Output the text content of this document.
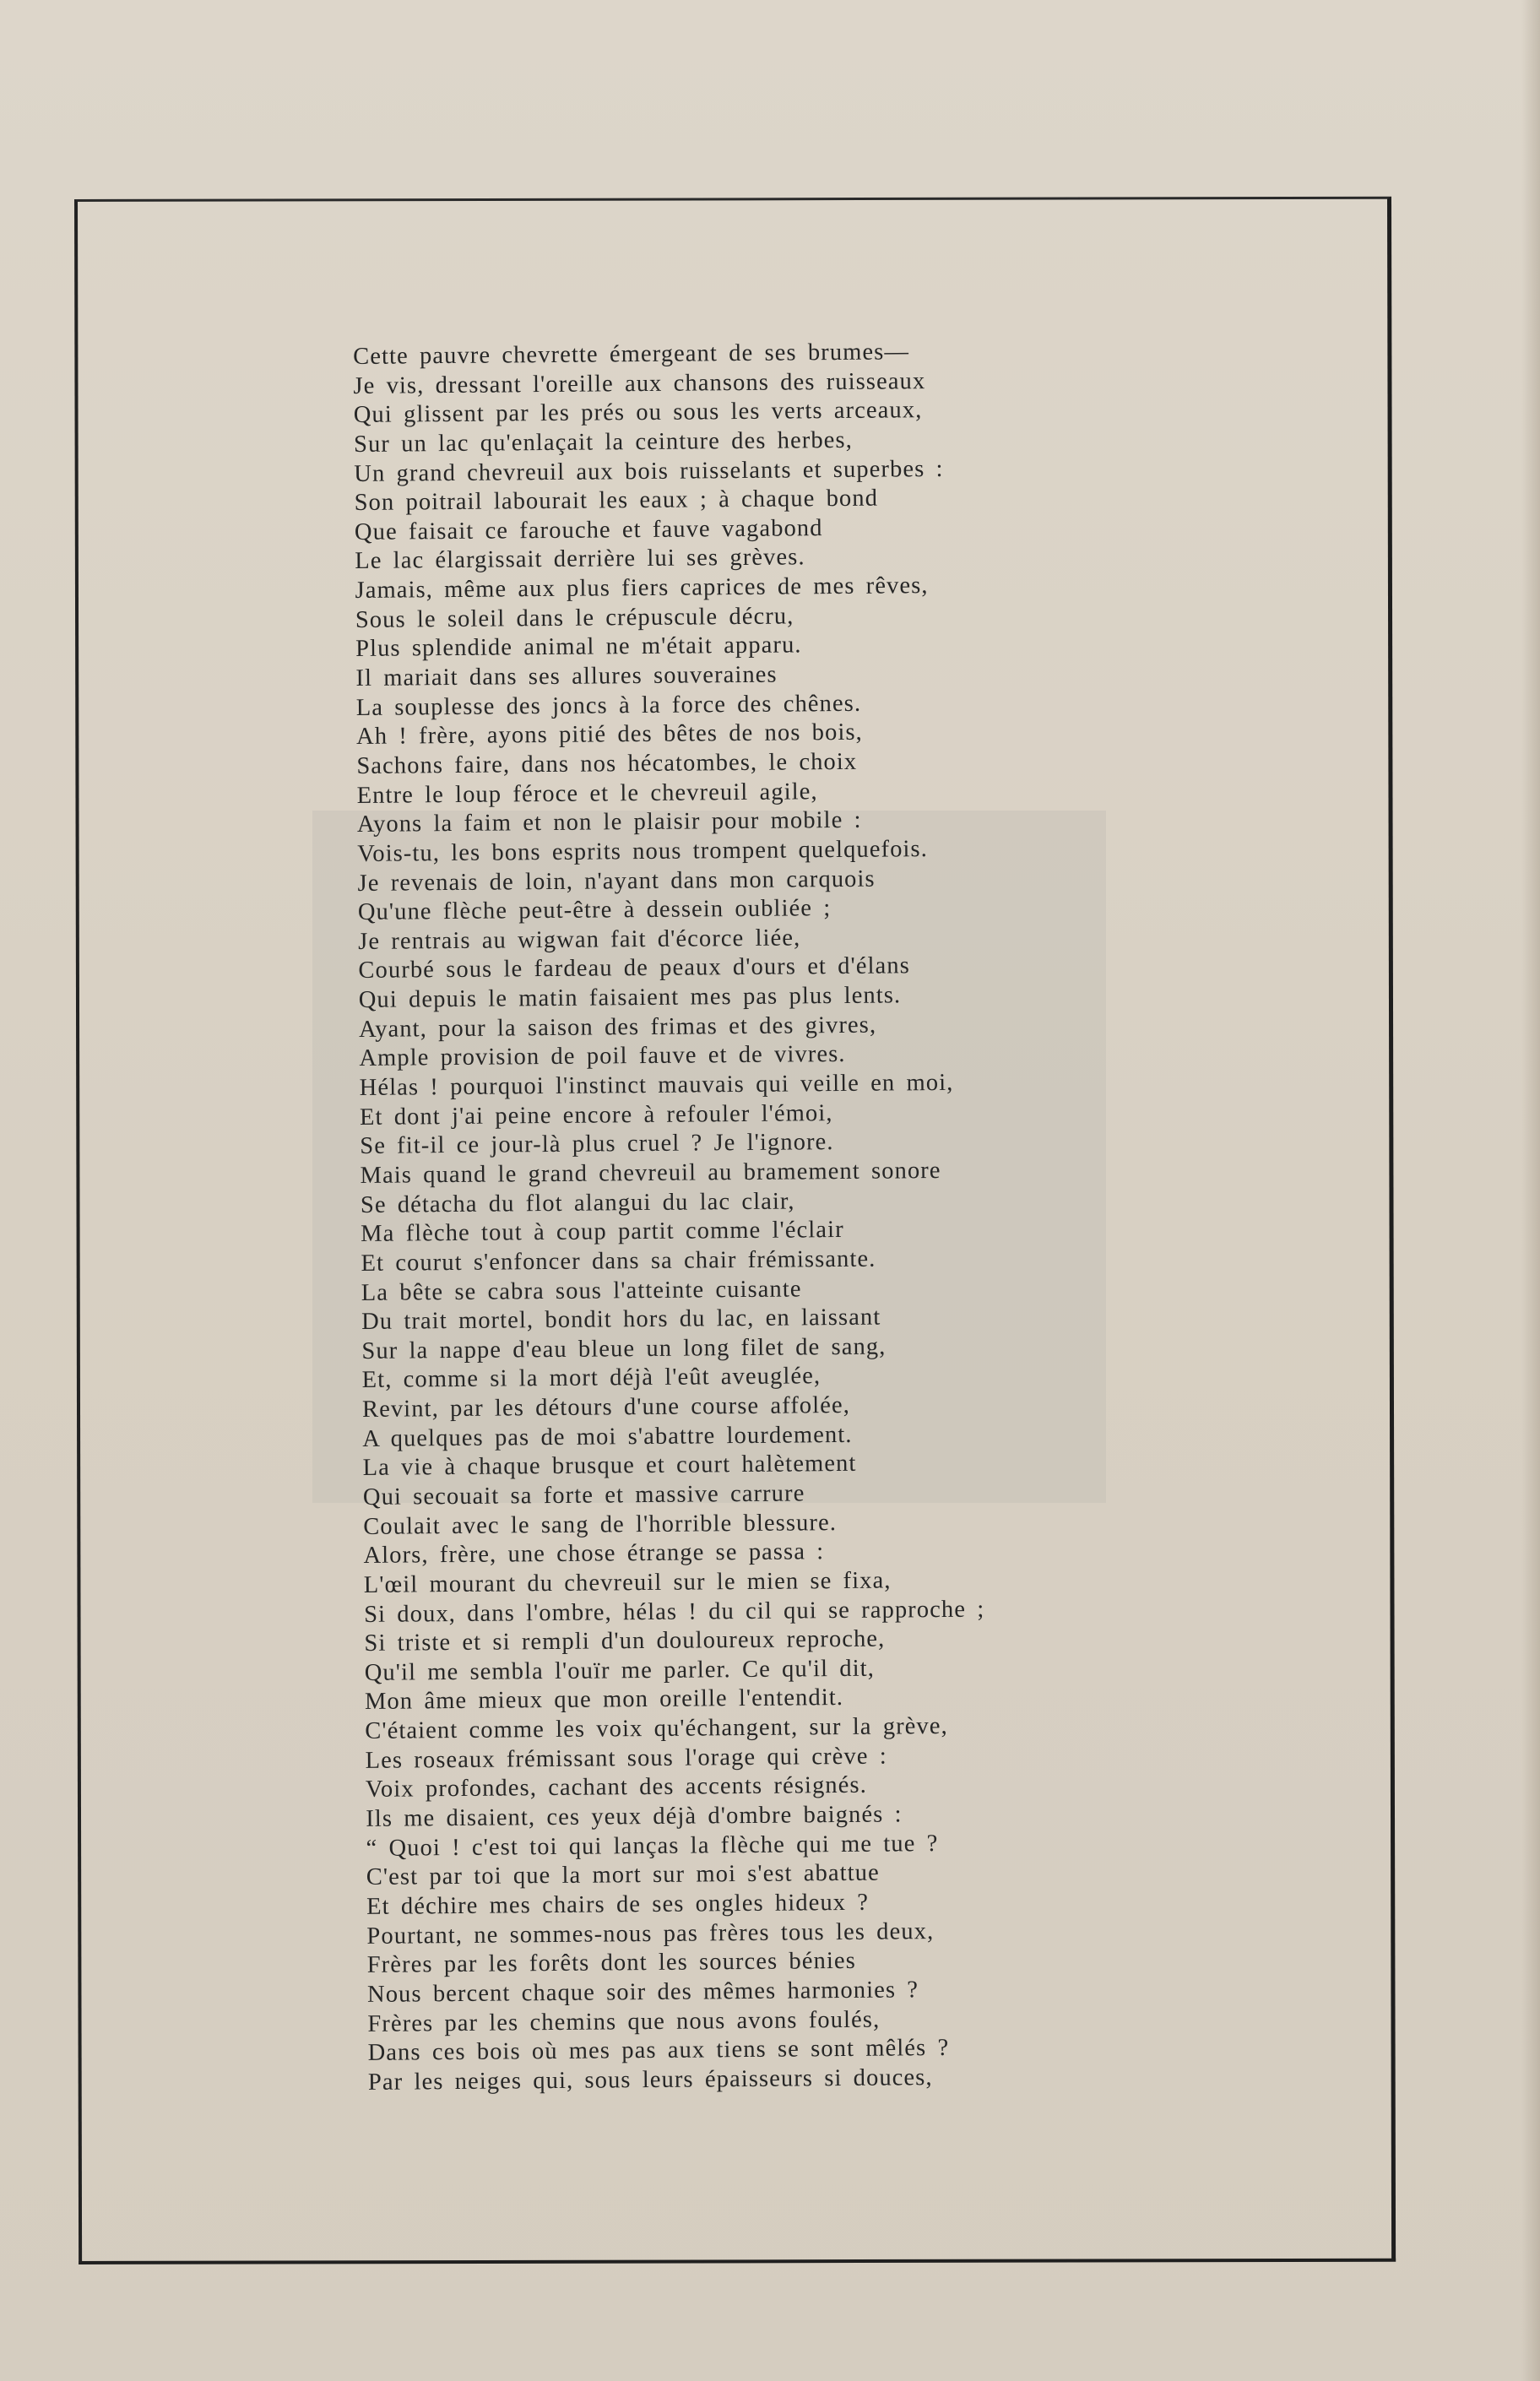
Cette pauvre chevrette émergeant de ses brumes—
Je vis, dressant l'oreille aux chansons des ruisseaux
Qui glissent par les prés ou sous les verts arceaux,
Sur un lac qu'enlaçait la ceinture des herbes,
Un grand chevreuil aux bois ruisselants et superbes :
Son poitrail labourait les eaux ; à chaque bond
Que faisait ce farouche et fauve vagabond
Le lac élargissait derrière lui ses grèves.
Jamais, même aux plus fiers caprices de mes rêves,
Sous le soleil dans le crépuscule décru,
Plus splendide animal ne m'était apparu.
Il mariait dans ses allures souveraines
La souplesse des joncs à la force des chênes.
Ah ! frère, ayons pitié des bêtes de nos bois,
Sachons faire, dans nos hécatombes, le choix
Entre le loup féroce et le chevreuil agile,
Ayons la faim et non le plaisir pour mobile :
Vois-tu, les bons esprits nous trompent quelquefois.
Je revenais de loin, n'ayant dans mon carquois
Qu'une flèche peut-être à dessein oubliée ;
Je rentrais au wigwan fait d'écorce liée,
Courbé sous le fardeau de peaux d'ours et d'élans
Qui depuis le matin faisaient mes pas plus lents.
Ayant, pour la saison des frimas et des givres,
Ample provision de poil fauve et de vivres.
Hélas ! pourquoi l'instinct mauvais qui veille en moi,
Et dont j'ai peine encore à refouler l'émoi,
Se fit-il ce jour-là plus cruel ? Je l'ignore.
Mais quand le grand chevreuil au bramement sonore
Se détacha du flot alangui du lac clair,
Ma flèche tout à coup partit comme l'éclair
Et courut s'enfoncer dans sa chair frémissante.
La bête se cabra sous l'atteinte cuisante
Du trait mortel, bondit hors du lac, en laissant
Sur la nappe d'eau bleue un long filet de sang,
Et, comme si la mort déjà l'eût aveuglée,
Revint, par les détours d'une course affolée,
A quelques pas de moi s'abattre lourdement.
La vie à chaque brusque et court halètement
Qui secouait sa forte et massive carrure
Coulait avec le sang de l'horrible blessure.
Alors, frère, une chose étrange se passa :
L'œil mourant du chevreuil sur le mien se fixa,
Si doux, dans l'ombre, hélas ! du cil qui se rapproche ;
Si triste et si rempli d'un douloureux reproche,
Qu'il me sembla l'ouïr me parler. Ce qu'il dit,
Mon âme mieux que mon oreille l'entendit.
C'étaient comme les voix qu'échangent, sur la grève,
Les roseaux frémissant sous l'orage qui crève :
Voix profondes, cachant des accents résignés.
Ils me disaient, ces yeux déjà d'ombre baignés :
“ Quoi ! c'est toi qui lanças la flèche qui me tue ?
C'est par toi que la mort sur moi s'est abattue
Et déchire mes chairs de ses ongles hideux ?
Pourtant, ne sommes-nous pas frères tous les deux,
Frères par les forêts dont les sources bénies
Nous bercent chaque soir des mêmes harmonies ?
Frères par les chemins que nous avons foulés,
Dans ces bois où mes pas aux tiens se sont mêlés ?
Par les neiges qui, sous leurs épaisseurs si douces,
